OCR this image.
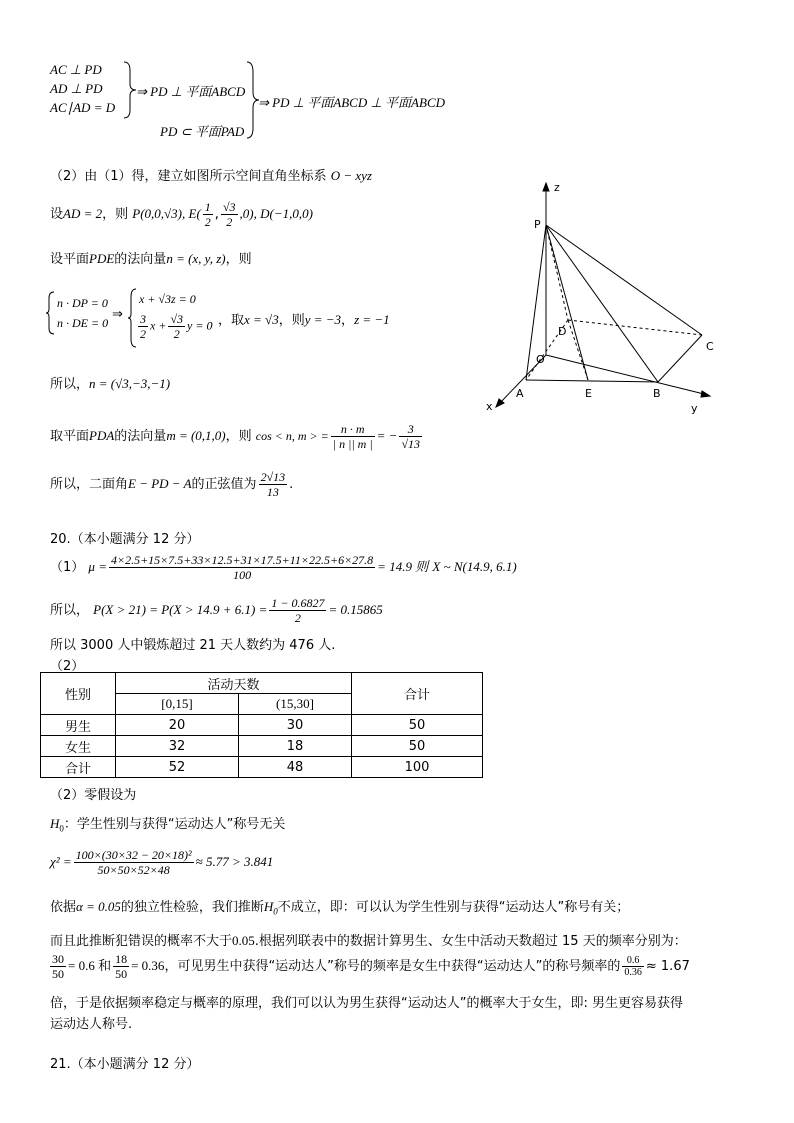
AC ⊥ PD
AD ⊥ PD
AC∣AD = D
PD ⊂ 平面PAD
⇒ PD ⊥ 平面ABCD
⇒ PD ⊥ 平面ABCD ⊥ 平面ABCD
（2）由（1）得，建立如图所示空间直角坐标系 O − xyz
设AD = 2，则 P(0,0,√3), $E( \frac{1}{2}$ , $\frac{√3}{2} ,0$), D(−1,0,0)
设平面PDE的法向量n = (x, y, z)，则
n · DP = 0
n · DE = 0
⇒
x + √3z = 0
$\frac{3}{2}$ $x + \frac{√3}{2}$ y = 0 ，取x = √3，则y = −3，z = −1
所以，n = (√3,−3,−1)
取平面PDA的法向量m = (0,1,0)，则 cos < n, m > = $\frac{n \cdot m}{| n || m |}$ = − $\frac{3}{√13}$
所以，二面角E − PD − A的正弦值为 $\frac{2√13}{13}$ .
z
P
D
O
C
A	E	B
x	y
20.（本小题满分 12 分）
（1） $\mu = \frac{4\times 2.5+15\times 7.5+33\times 12.5+31\times 17.5+11\times 22.5+6\times 27.8}{100} = 14.9$ 则 X ~ N(14.9, 6.1)
所以， $P(X > 21) = P(X > 14.9 + 6.1) = \frac{1 - 0.6827}{2} = 0.15865$
所以 3000 人中锻炼超过 21 天人数约为 476 人.
（2）
性别	活动天数		合计
	[0,15]	(15,30]	
男生	20	30	50
女生	32	18	50
合计	52	48	100
（2）零假设为
$H_0$：学生性别与获得“运动达人”称号无关
$\chi^2 = \frac{\text{100×(30×32 − 20×18)²}}{50\times 50\times 52\times 48} \approx 5.77 > 3.841$
依据α = 0.05的独立性检验，我们推断$H_0$不成立，即：可以认为学生性别与获得“运动达人”称号有关；
而且此推断犯错误的概率不大于0.05.根据列联表中的数据计算男生、女生中活动天数超过 15 天的频率分别为：
$\frac{30}{50} = 0.6$ 和 $\frac{18}{50} = 0.36$，可见男生中获得“运动达人”称号的频率是女生中获得“运动达人”的称号频率的 $\frac{0.6}{0.36} \approx 1.67$
倍，于是依据频率稳定与概率的原理，我们可以认为男生获得“运动达人”的概率大于女生，即: 男生更容易获得
运动达人称号.
21.（本小题满分 12 分）
